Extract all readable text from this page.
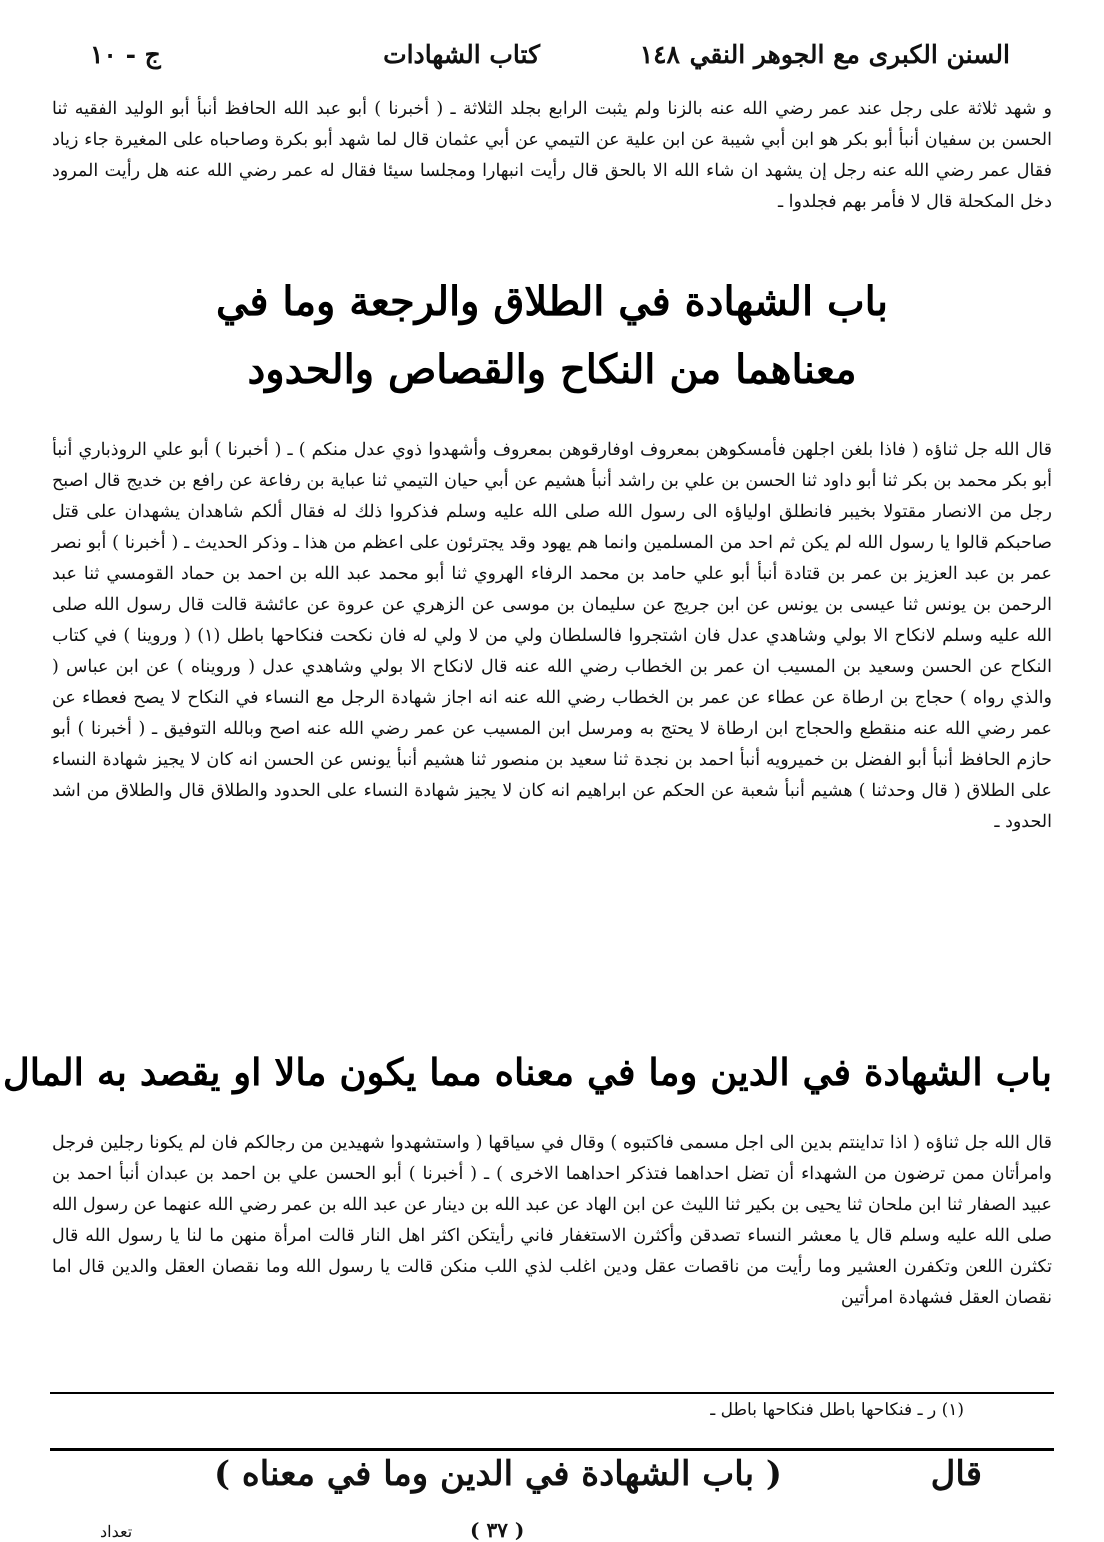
السنن الكبرى مع الجوهر النقي
١٤٨
كتاب الشهادات
ج - ١٠
و شهد ثلاثة على رجل عند عمر رضي الله عنه بالزنا ولم يثبت الرابع بجلد الثلاثة ـ ( أخبرنا ) أبو عبد الله الحافظ أنبأ أبو الوليد الفقيه ثنا الحسن بن سفيان أنبأ أبو بكر هو ابن أبي شيبة عن ابن علية عن التيمي عن أبي عثمان قال لما شهد أبو بكرة وصاحباه على المغيرة جاء زياد فقال عمر رضي الله عنه رجل إن يشهد ان شاء الله الا بالحق قال رأيت انبهارا ومجلسا سيئا فقال له عمر رضي الله عنه هل رأيت المرود دخل المكحلة قال لا فأمر بهم فجلدوا ـ
باب الشهادة في الطلاق والرجعة وما في
معناهما من النكاح والقصاص والحدود
قال الله جل ثناؤه ( فاذا بلغن اجلهن فأمسكوهن بمعروف اوفارقوهن بمعروف وأشهدوا ذوي عدل منكم ) ـ ( أخبرنا ) أبو علي الروذباري أنبأ أبو بكر محمد بن بكر ثنا أبو داود ثنا الحسن بن علي بن راشد أنبأ هشيم عن أبي حيان التيمي ثنا عباية بن رفاعة عن رافع بن خديج قال اصبح رجل من الانصار مقتولا بخيبر فانطلق اولياؤه الى رسول الله صلى الله عليه وسلم فذكروا ذلك له فقال ألكم شاهدان يشهدان على قتل صاحبكم قالوا يا رسول الله لم يكن ثم احد من المسلمين وانما هم يهود وقد يجترئون على اعظم من هذا ـ وذكر الحديث ـ ( أخبرنا ) أبو نصر عمر بن عبد العزيز بن عمر بن قتادة أنبأ أبو علي حامد بن محمد الرفاء الهروي ثنا أبو محمد عبد الله بن احمد بن حماد القومسي ثنا عبد الرحمن بن يونس ثنا عيسى بن يونس عن ابن جريج عن سليمان بن موسى عن الزهري عن عروة عن عائشة قالت قال رسول الله صلى الله عليه وسلم لانكاح الا بولي وشاهدي عدل فان اشتجروا فالسلطان ولي من لا ولي له فان نكحت فنكاحها باطل (١) ( وروينا ) في كتاب النكاح عن الحسن وسعيد بن المسيب ان عمر بن الخطاب رضي الله عنه قال لانكاح الا بولي وشاهدي عدل ( ورويناه ) عن ابن عباس ( والذي رواه ) حجاج بن ارطاة عن عطاء عن عمر بن الخطاب رضي الله عنه انه اجاز شهادة الرجل مع النساء في النكاح لا يصح فعطاء عن عمر رضي الله عنه منقطع والحجاج ابن ارطاة لا يحتج به ومرسل ابن المسيب عن عمر رضي الله عنه اصح وبالله التوفيق ـ ( أخبرنا ) أبو حازم الحافظ أنبأ أبو الفضل بن خميرويه أنبأ احمد بن نجدة ثنا سعيد بن منصور ثنا هشيم أنبأ يونس عن الحسن انه كان لا يجيز شهادة النساء على الطلاق ( قال وحدثنا ) هشيم أنبأ شعبة عن الحكم عن ابراهيم انه كان لا يجيز شهادة النساء على الحدود والطلاق قال والطلاق من اشد الحدود ـ
باب الشهادة في الدين وما في معناه مما يكون مالا او يقصد به المال
قال الله جل ثناؤه ( اذا تداينتم بدين الى اجل مسمى فاكتبوه ) وقال في سياقها ( واستشهدوا شهيدين من رجالكم فان لم يكونا رجلين فرجل وامرأتان ممن ترضون من الشهداء أن تضل احداهما فتذكر احداهما الاخرى ) ـ ( أخبرنا ) أبو الحسن علي بن احمد بن عبدان أنبأ احمد بن عبيد الصفار ثنا ابن ملحان ثنا يحيى بن بكير ثنا الليث عن ابن الهاد عن عبد الله بن دينار عن عبد الله بن عمر رضي الله عنهما عن رسول الله صلى الله عليه وسلم قال يا معشر النساء تصدقن وأكثرن الاستغفار فاني رأيتكن اكثر اهل النار قالت امرأة منهن ما لنا يا رسول الله قال تكثرن اللعن وتكفرن العشير وما رأيت من ناقصات عقل ودين اغلب لذي اللب منكن قالت يا رسول الله وما نقصان العقل والدين قال اما نقصان العقل فشهادة امرأتين
(١) ر ـ فنكاحها باطل فنكاحها باطل ـ
قال
( باب الشهادة في الدين وما في معناه )
( ٣٧ )
تعداد
